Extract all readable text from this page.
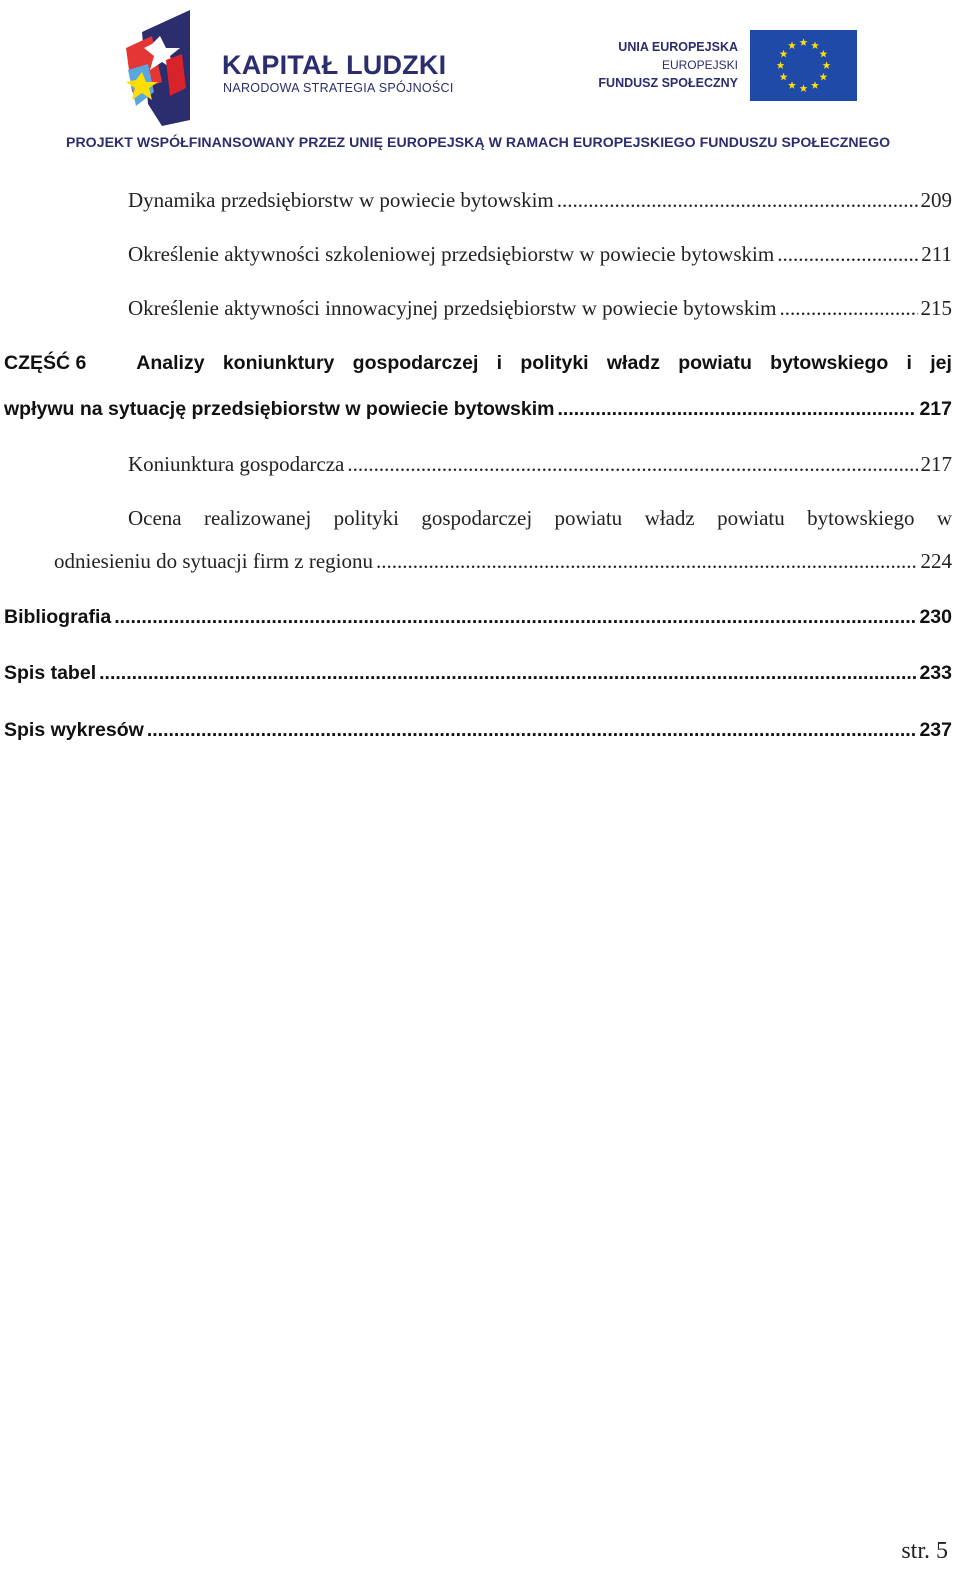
KAPITAŁ LUDZKI
NARODOWA STRATEGIA SPÓJNOŚCI
UNIA EUROPEJSKA
EUROPEJSKI
FUNDUSZ SPOŁECZNY
PROJEKT WSPÓŁFINANSOWANY PRZEZ UNIĘ EUROPEJSKĄ W RAMACH EUROPEJSKIEGO FUNDUSZU SPOŁECZNEGO
Dynamika przedsiębiorstw w powiecie bytowskim .....	209
Określenie aktywności szkoleniowej przedsiębiorstw w powiecie bytowskim .....	211
Określenie aktywności innowacyjnej przedsiębiorstw w powiecie bytowskim .....	215
CZĘŚĆ 6	Analizy koniunktury gospodarczej i polityki władz powiatu bytowskiego i jej
wpływu na sytuację przedsiębiorstw w powiecie bytowskim .....	217
Koniunktura gospodarcza .....	217
Ocena realizowanej polityki gospodarczej powiatu władz powiatu bytowskiego w
odniesieniu do sytuacji firm z regionu .....	224
Bibliografia .....	230
Spis tabel .....	233
Spis wykresów .....	237
str. 5
